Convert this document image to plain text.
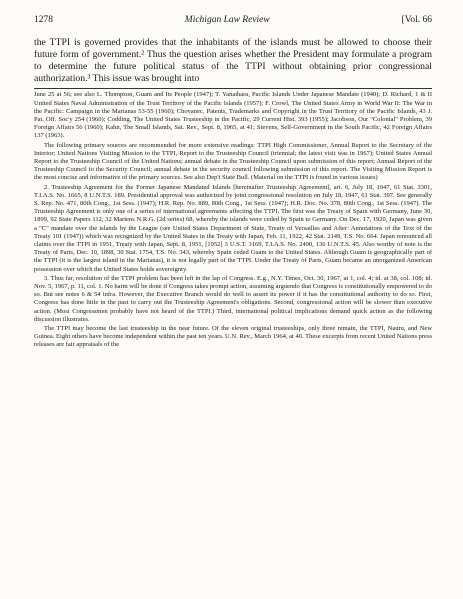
1278	Michigan Law Review	[Vol. 66
the TTPI is governed provides that the inhabitants of the islands must be allowed to choose their future form of government.² Thus the question arises whether the President may formulate a program to determine the future political status of the TTPI without obtaining prior congressional authorization.³ This issue was brought into

June 25 at 56; see also L. Thompson, Guam and Its People (1947); T. Yanaihara, Pacific Islands Under Japanese Mandate (1940); D. Richard, 1 & II United States Naval Administration of the Trust Territory of the Pacific Islands (1957); F. Crowl, The United States Army in World War II: The War in the Pacific: Campaign in the Marianas 53-55 (1960); Chovanec, Patents, Trademarks and Copyright in the Trust Territory of the Pacific Islands, 43 J. Pat. Off. Soc'y 254 (1960); Codding, The United States Trusteeship in the Pacific, 29 Current Hist. 393 (1955); Jacobson, Our "Colonial" Problem, 39 Foreign Affairs 56 (1960); Kahn, The Small Islands, Sat. Rev., Sept. 8, 1965, at 41; Stevens, Self-Government in the South Pacific, 42 Foreign Affairs 137 (1963).

The following primary sources are recommended for more extensive readings: TTPI High Commissioner, Annual Report to the Secretary of the Interior; United Nations Visiting Mission to the TTPI, Report to the Trusteeship Council (triennial; the latest visit was in 1967); United States Annual Report to the Trusteeship Council of the United Nations; annual debate in the Trusteeship Council upon submission of this report; Annual Report of the Trusteeship Council to the Security Council; annual debate in the security council following submission of this report. The Visiting Mission Report is the most concise and informative of the primary sources. See also Dep't State Bull. (Material on the TTPI is found in various issues)

2. Trusteeship Agreement for the Former Japanese Mandated Islands [hereinafter Trusteeship Agreement], art. 6, July 18, 1947, 61 Stat. 3301, T.I.A.S. No. 1665, 8 U.N.T.S. 189. Presidential approval was authorized by joint congressional resolution on July 18, 1947, 61 Stat. 397. See generally S. Rep. No. 471, 80th Cong., 1st Sess. (1947); H.R. Rep. No. 889, 80th Cong., 1st Sess. (1947); H.R. Doc. No. 378, 80th Cong., 1st Sess. (1947). The Trusteeship Agreement is only one of a series of international agreements affecting the TTPI. The first was the Treaty of Spain with Germany, June 30, 1899, 92 State Papers 112, 32 Martens N.R.G. (2d series) 68, whereby the islands were ceded by Spain to Germany. On Dec. 17, 1920, Japan was given a "C" mandate over the islands by the League (see United States Department of State, Treaty of Versailles and After: Annotations of the Text of the Treaty 101 (1947)) which was recognized by the United States in the Treaty with Japan, Feb. 11, 1922, 42 Stat. 2149, T.S. No. 664. Japan renounced all claims over the TTPI in 1951, Treaty with Japan, Sept. 8, 1951, [1952] 3 U.S.T. 3169, T.I.A.S. No. 2490, 136 U.N.T.S. 45. Also worthy of note is the Treaty of Paris, Dec. 10, 1898, 30 Stat. 1754, T.S. No. 343, whereby Spain ceded Guam to the United States. Although Guam is geographically part of the TTPI (it is the largest island in the Marianas), it is not legally part of the TTPI. Under the Treaty of Paris, Guam became an unorganized American possession over which the United States holds sovereignty.

3. Thus far, resolution of the TTPI problem has been left in the lap of Congress. E.g., N.Y. Times, Oct. 30, 1967, at 1, col. 4; id. at 38, col. 108; id. Nov. 5, 1967, p. 11, col. 1. No harm will be done if Congress takes prompt action, assuming arguendo that Congress is constitutionally empowered to do so. But see notes 6 & 54 infra. However, the Executive Branch would do well to assert its power if it has the constitutional authority to do so. First, Congress has done little in the past to carry out the Trusteeship Agreement's obligations. Second, congressional action will be slower than executive action. (Most Congressmen probably have not heard of the TTPI.) Third, international political implications demand quick action as the following discussion illustrates.

The TTPI may become the last trusteeship in the near future. Of the eleven original trusteeships, only three remain, the TTPI, Nauru, and New Guinea. Eight others have become independent within the past ten years. U.N. Rev., March 1964, at 40. These excerpts from recent United Nations press releases are fair appraisals of the
